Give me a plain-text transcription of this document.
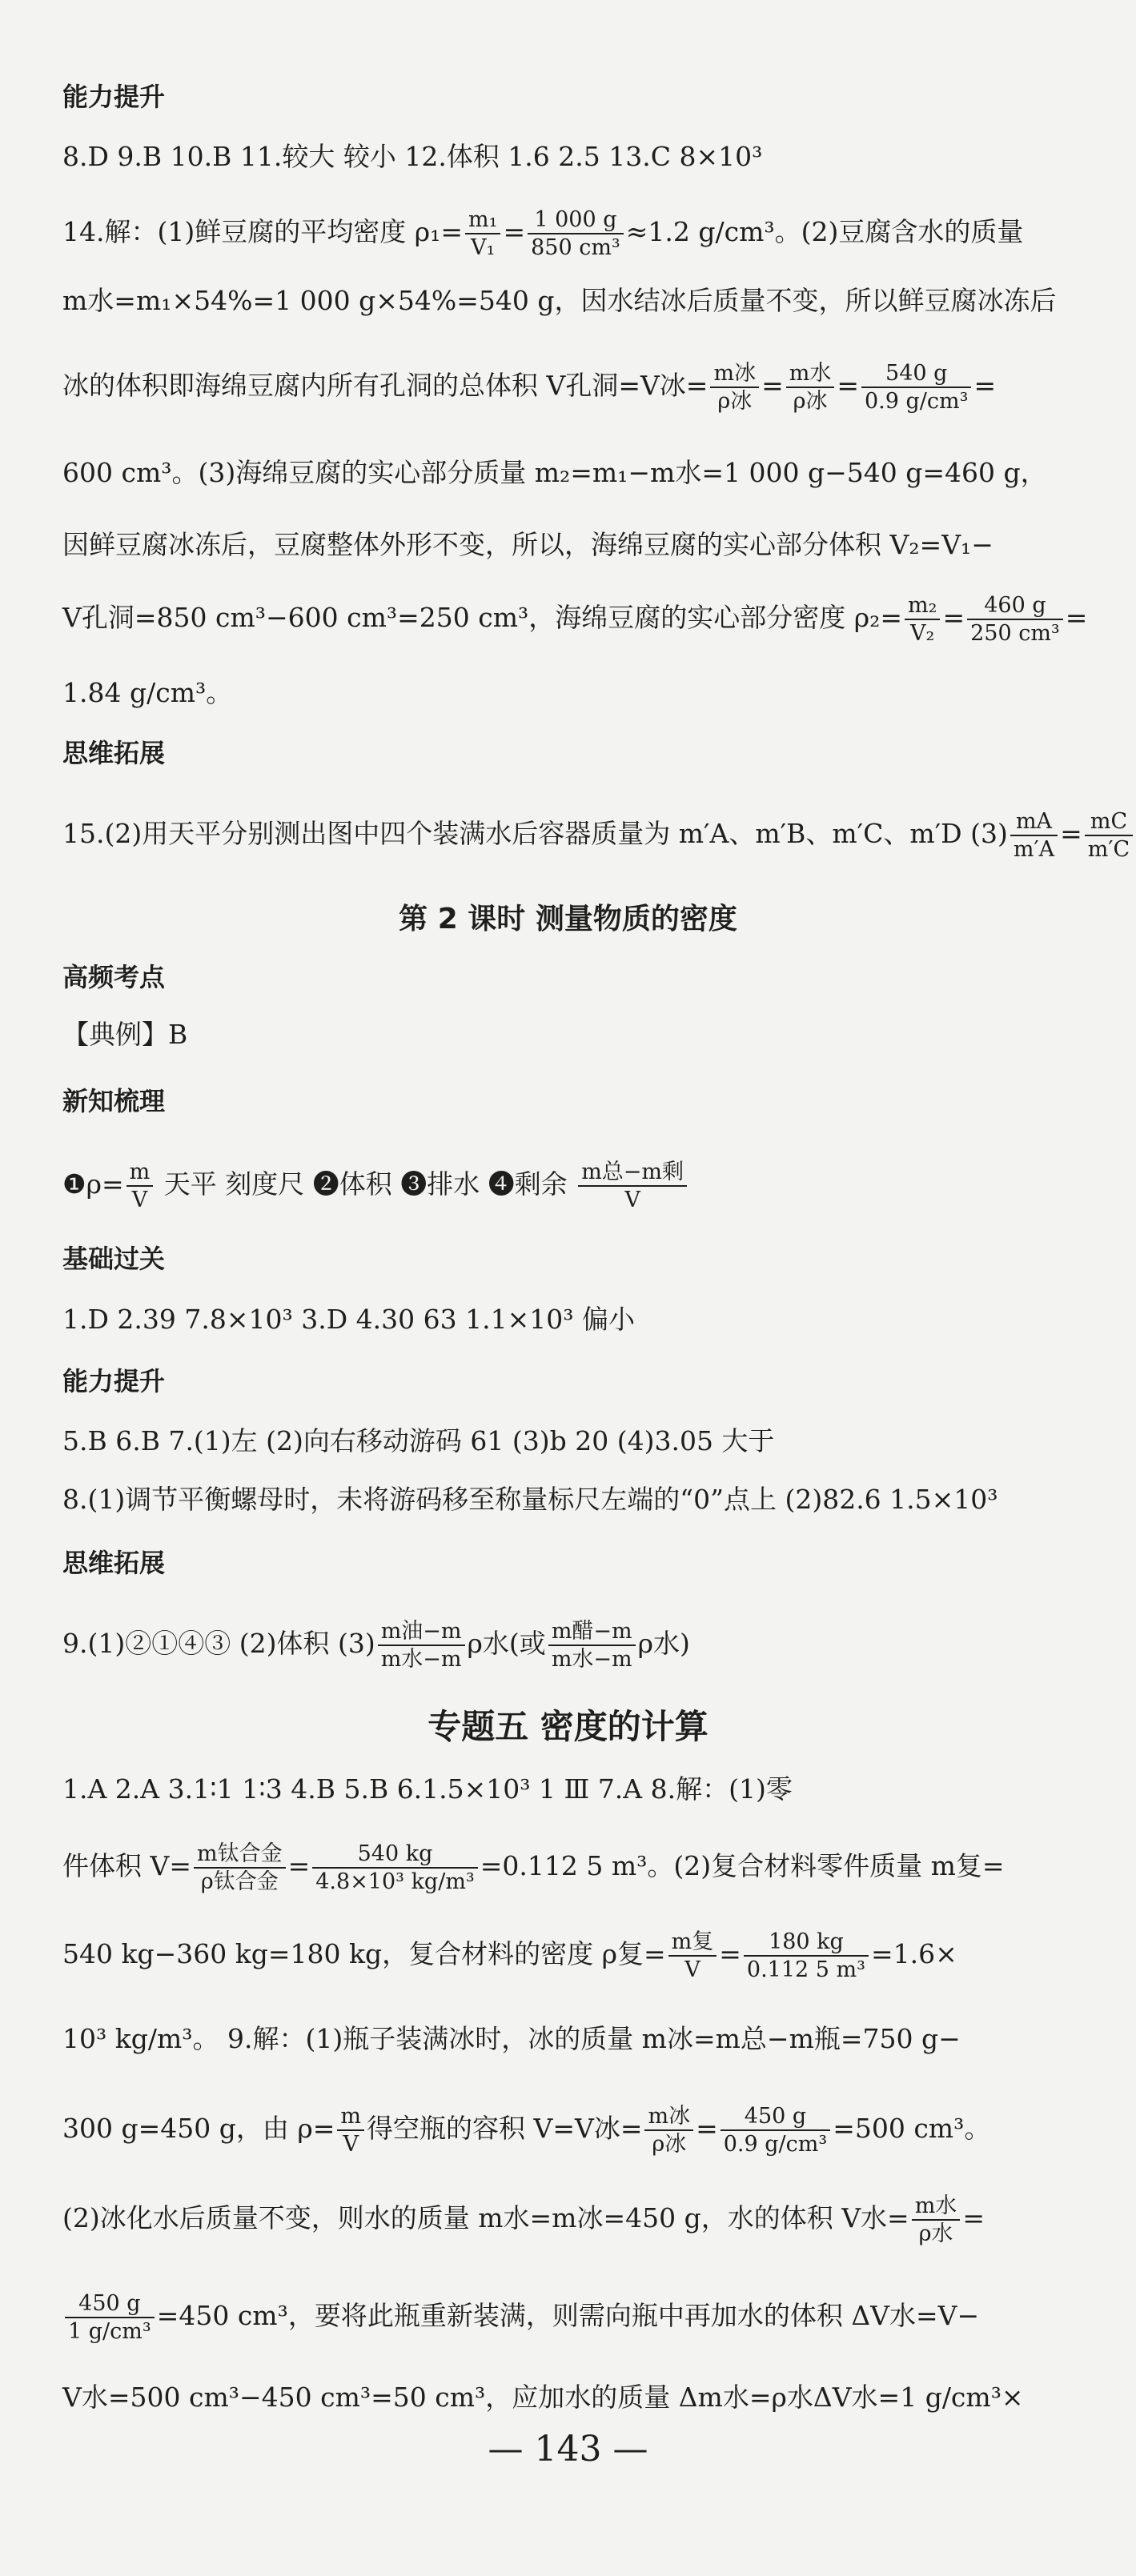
能力提升
8.D 9.B 10.B 11.较大 较小 12.体积 1.6 2.5 13.C 8×10³
14.解：(1)鲜豆腐的平均密度 $\rho_1= \frac{\text{m₁}}{\text{V₁}} = \frac{1 000 g}{\text{850 cm³}} \approx 1.2$ g/cm³。(2)豆腐含水的质量
m水=m₁×54%=1 000 g×54%=540 g，因水结冰后质量不变，所以鲜豆腐冰冻后
冰的体积即海绵豆腐内所有孔洞的总体积 V孔洞=V冰= m冰
ρ冰
= m水
ρ冰
= $\frac{540 g}{\text{0.9 g/cm³}}$ =
600 cm³。(3)海绵豆腐的实心部分质量 m₂=m₁−m水=1 000 g−540 g=460 g，
因鲜豆腐冰冻后，豆腐整体外形不变，所以，海绵豆腐的实心部分体积 V₂=V₁−
V孔洞=850 cm³−600 cm³=250 cm³，海绵豆腐的实心部分密度 $\rho_2= \frac{\text{m₂}}{\text{V₂}} = \frac{460 g}{\text{250 cm³}}$ =
1.84 g/cm³。
思维拓展
15.(2)用天平分别测出图中四个装满水后容器质量为 m′A、m′B、m′C、m′D $(3) \frac{mA}{m'A} = \frac{mC}{m'C}$
第 2 课时 测量物质的密度
高频考点
【典例】B
新知梳理
❶ρ= $\frac{m}{V}$ 天平 刻度尺 ❷体积 ❸排水 ❹剩余 m总−m剩
V
基础过关
1.D 2.39 7.8×10³ 3.D 4.30 63 1.1×10³ 偏小
能力提升
5.B 6.B 7.(1)左 (2)向右移动游码 61 (3)b 20 (4)3.05 大于
8.(1)调节平衡螺母时，未将游码移至称量标尺左端的“0”点上 (2)82.6 1.5×10³
思维拓展
9.(1)②①④③ (2)体积 (3) m油−m
m水−m
ρ水(或 m醋−m
m水−m
ρ水)
专题五 密度的计算
1.A 2.A 3.1∶1 1∶3 4.B 5.B 6.1.5×10³ 1 Ⅲ 7.A 8.解：(1)零
件体积 V= m钛合金
ρ钛合金
= $\frac{540 kg}{\text{4.8×10³ kg/m³}} =0.112$ 5 m³。(2)复合材料零件质量 m复=
540 kg−360 kg=180 kg，复合材料的密度 ρ复= m复
V
= $\frac{180 kg}{\text{0.112 5 m³}} =1.6\times$
10³ kg/m³。 9.解：(1)瓶子装满冰时，冰的质量 m冰=m总−m瓶=750 g−
300 g=450 g，由 $\rho= \frac{m}{V}$ 得空瓶的容积 V=V冰= m冰
ρ冰
= $\frac{450 g}{\text{0.9 g/cm³}} =500$ cm³。
(2)冰化水后质量不变，则水的质量 m水=m冰=450 g，水的体积 V水= m水
ρ水
=
$\frac{450 g}{\text{1 g/cm³}} =450$ cm³，要将此瓶重新装满，则需向瓶中再加水的体积 ΔV水=V−
V水=500 cm³−450 cm³=50 cm³，应加水的质量 Δm水=ρ水ΔV水=1 g/cm³×
— 143 —
